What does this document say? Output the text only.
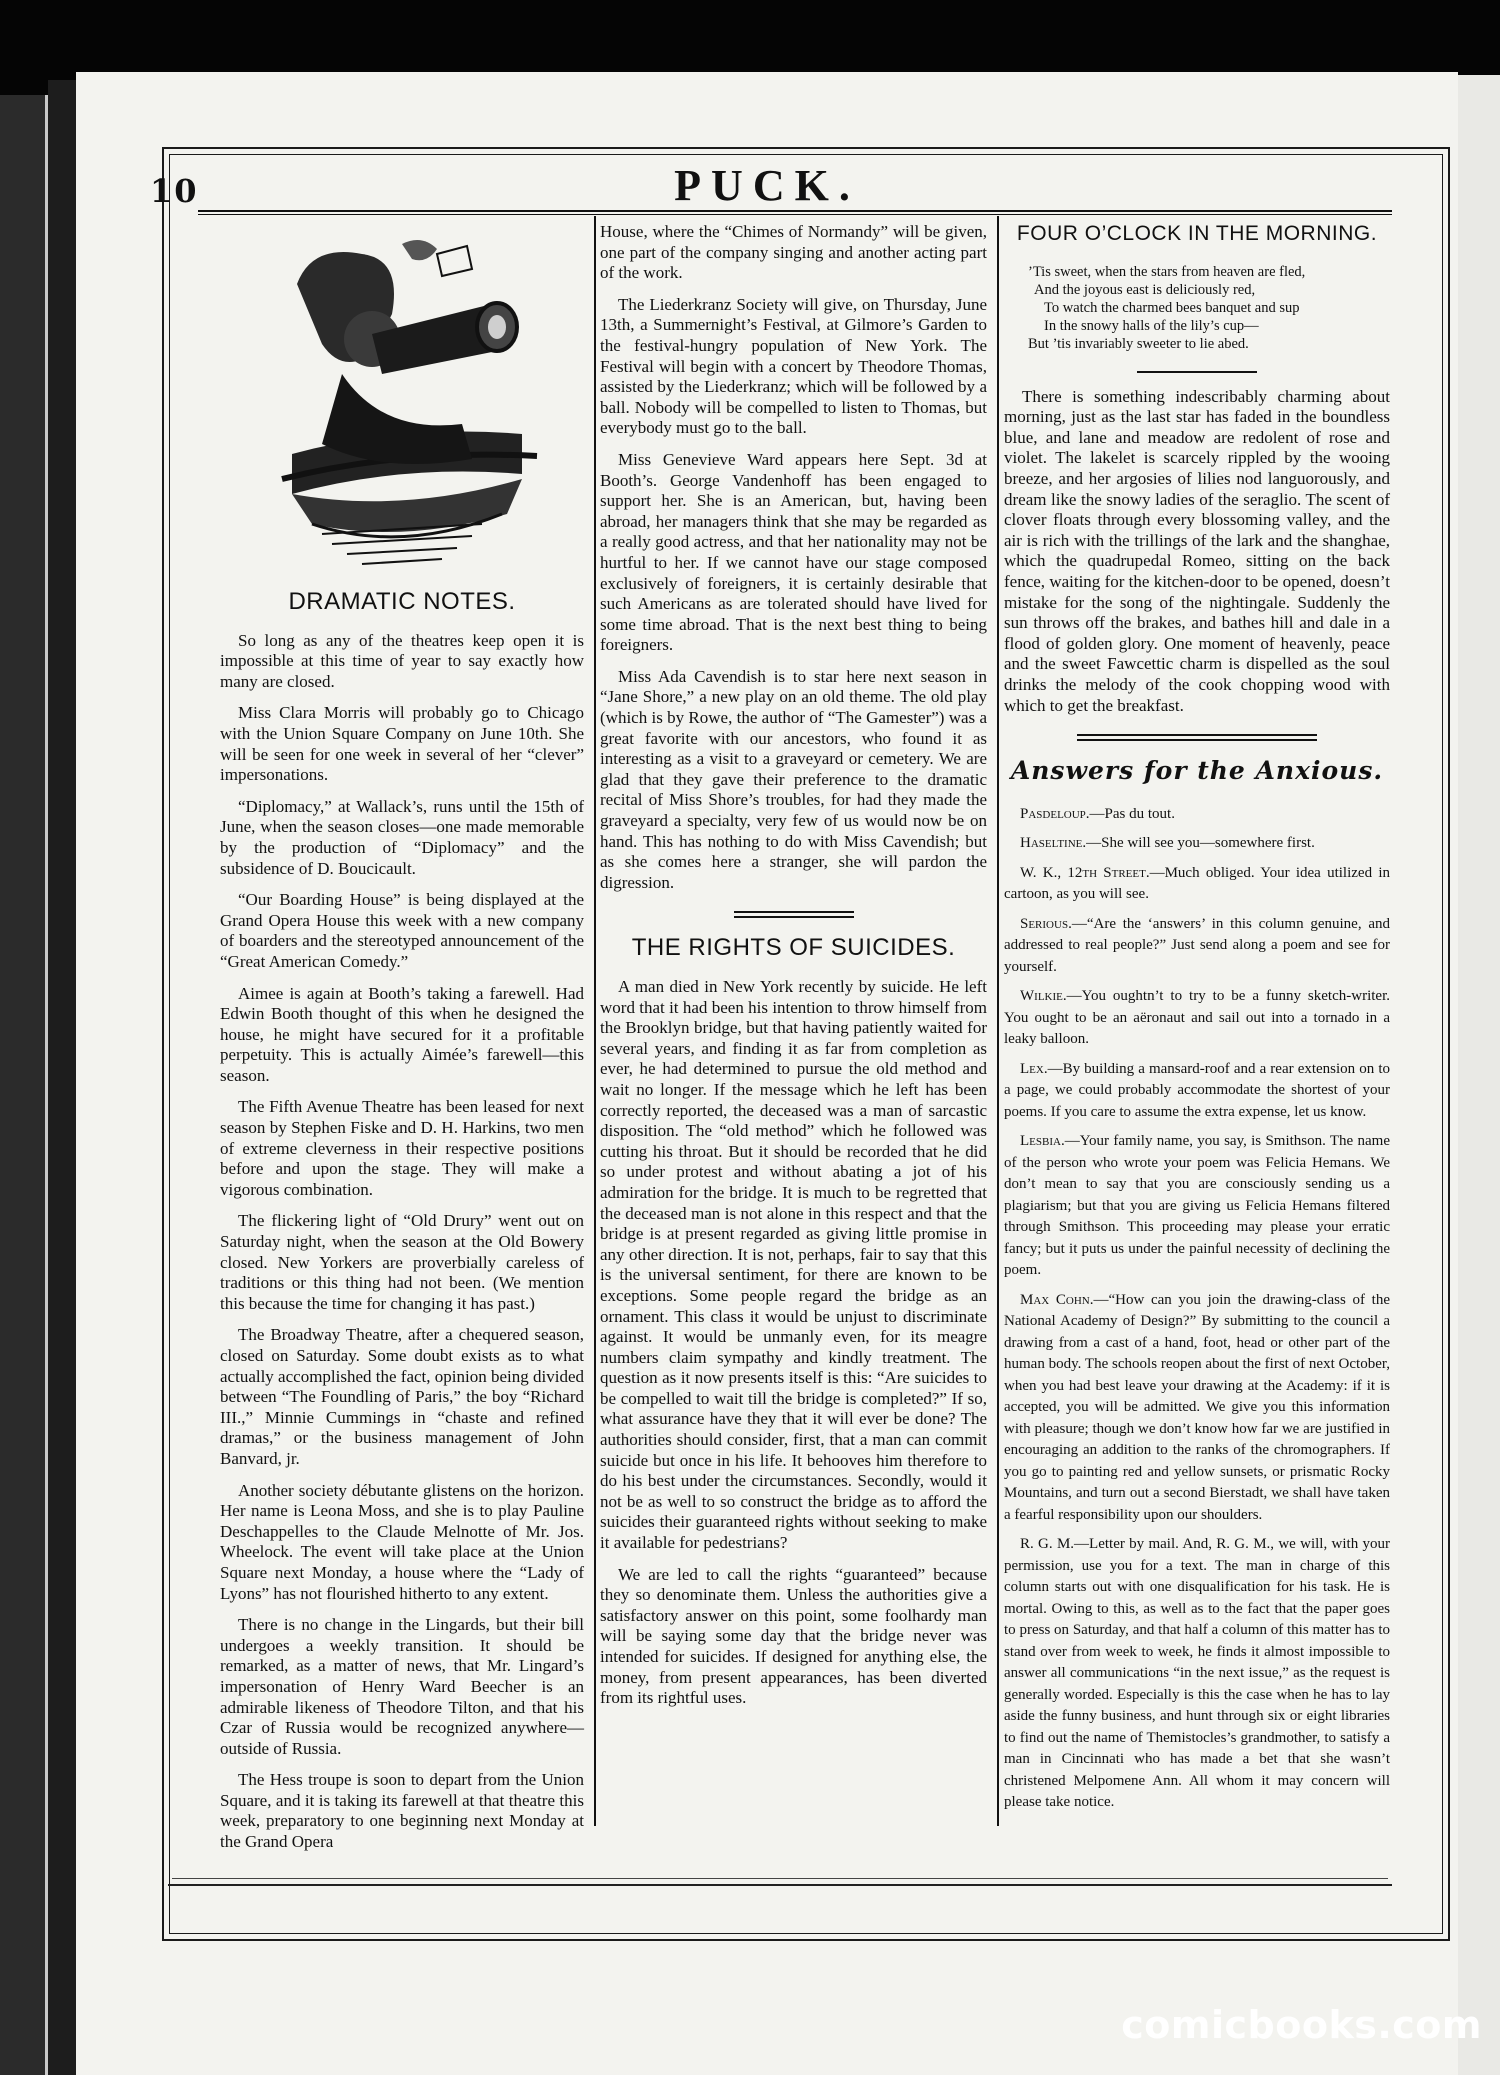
10	PUCK.
DRAMATIC NOTES.

So long as any of the theatres keep open it is impossible at this time of year to say exactly how many are closed.

Miss Clara Morris will probably go to Chicago with the Union Square Company on June 10th. She will be seen for one week in several of her “clever” impersonations.

“Diplomacy,” at Wallack’s, runs until the 15th of June, when the season closes—one made memorable by the production of “Diplomacy” and the subsidence of D. Boucicault.

“Our Boarding House” is being displayed at the Grand Opera House this week with a new company of boarders and the stereotyped announcement of the “Great American Comedy.”

Aimee is again at Booth’s taking a farewell. Had Edwin Booth thought of this when he designed the house, he might have secured for it a profitable perpetuity. This is actually Aimée’s farewell—this season.

The Fifth Avenue Theatre has been leased for next season by Stephen Fiske and D. H. Harkins, two men of extreme cleverness in their respective positions before and upon the stage. They will make a vigorous combination.

The flickering light of “Old Drury” went out on Saturday night, when the season at the Old Bowery closed. New Yorkers are proverbially careless of traditions or this thing had not been. (We mention this because the time for changing it has past.)

The Broadway Theatre, after a chequered season, closed on Saturday. Some doubt exists as to what actually accomplished the fact, opinion being divided between “The Foundling of Paris,” the boy “Richard III.,” Minnie Cummings in “chaste and refined dramas,” or the business management of John Banvard, jr.

Another society débutante glistens on the horizon. Her name is Leona Moss, and she is to play Pauline Deschappelles to the Claude Melnotte of Mr. Jos. Wheelock. The event will take place at the Union Square next Monday, a house where the “Lady of Lyons” has not flourished hitherto to any extent.

There is no change in the Lingards, but their bill undergoes a weekly transition. It should be remarked, as a matter of news, that Mr. Lingard’s impersonation of Henry Ward Beecher is an admirable likeness of Theodore Tilton, and that his Czar of Russia would be recognized anywhere—outside of Russia.

The Hess troupe is soon to depart from the Union Square, and it is taking its farewell at that theatre this week, preparatory to one beginning next Monday at the Grand Opera

House, where the “Chimes of Normandy” will be given, one part of the company singing and another acting part of the work.

The Liederkranz Society will give, on Thursday, June 13th, a Summernight’s Festival, at Gilmore’s Garden to the festival-hungry population of New York. The Festival will begin with a concert by Theodore Thomas, assisted by the Liederkranz; which will be followed by a ball. Nobody will be compelled to listen to Thomas, but everybody must go to the ball.

Miss Genevieve Ward appears here Sept. 3d at Booth’s. George Vandenhoff has been engaged to support her. She is an American, but, having been abroad, her managers think that she may be regarded as a really good actress, and that her nationality may not be hurtful to her. If we cannot have our stage composed exclusively of foreigners, it is certainly desirable that such Americans as are tolerated should have lived for some time abroad. That is the next best thing to being foreigners.

Miss Ada Cavendish is to star here next season in “Jane Shore,” a new play on an old theme. The old play (which is by Rowe, the author of “The Gamester”) was a great favorite with our ancestors, who found it as interesting as a visit to a graveyard or cemetery. We are glad that they gave their preference to the dramatic recital of Miss Shore’s troubles, for had they made the graveyard a specialty, very few of us would now be on hand. This has nothing to do with Miss Cavendish; but as she comes here a stranger, she will pardon the digression.

THE RIGHTS OF SUICIDES.

A man died in New York recently by suicide. He left word that it had been his intention to throw himself from the Brooklyn bridge, but that having patiently waited for several years, and finding it as far from completion as ever, he had determined to pursue the old method and wait no longer. If the message which he left has been correctly reported, the deceased was a man of sarcastic disposition. The “old method” which he followed was cutting his throat. But it should be recorded that he did so under protest and without abating a jot of his admiration for the bridge. It is much to be regretted that the deceased man is not alone in this respect and that the bridge is at present regarded as giving little promise in any other direction. It is not, perhaps, fair to say that this is the universal sentiment, for there are known to be exceptions. Some people regard the bridge as an ornament. This class it would be unjust to discriminate against. It would be unmanly even, for its meagre numbers claim sympathy and kindly treatment. The question as it now presents itself is this: “Are suicides to be compelled to wait till the bridge is completed?” If so, what assurance have they that it will ever be done? The authorities should consider, first, that a man can commit suicide but once in his life. It behooves him therefore to do his best under the circumstances. Secondly, would it not be as well to so construct the bridge as to afford the suicides their guaranteed rights without seeking to make it available for pedestrians?

We are led to call the rights “guaranteed” because they so denominate them. Unless the authorities give a satisfactory answer on this point, some foolhardy man will be saying some day that the bridge never was intended for suicides. If designed for anything else, the money, from present appearances, has been diverted from its rightful uses.

FOUR O’CLOCK IN THE MORNING.
’Tis sweet, when the stars from heaven are fled,
And the joyous east is deliciously red,
To watch the charmed bees banquet and sup
In the snowy halls of the lily’s cup—
But ’tis invariably sweeter to lie abed.

There is something indescribably charming about morning, just as the last star has faded in the boundless blue, and lane and meadow are redolent of rose and violet. The lakelet is scarcely rippled by the wooing breeze, and her argosies of lilies nod languorously, and dream like the snowy ladies of the seraglio. The scent of clover floats through every blossoming valley, and the air is rich with the trillings of the lark and the shanghae, which the quadrupedal Romeo, sitting on the back fence, waiting for the kitchen-door to be opened, doesn’t mistake for the song of the nightingale. Suddenly the sun throws off the brakes, and bathes hill and dale in a flood of golden glory. One moment of heavenly, peace and the sweet Fawcettic charm is dispelled as the soul drinks the melody of the cook chopping wood with which to get the breakfast.

Answers for the Anxious.

Pasdeloup.—Pas du tout.

Haseltine.—She will see you—somewhere first.

W. K., 12th Street.—Much obliged. Your idea utilized in cartoon, as you will see.

Serious.—“Are the ‘answers’ in this column genuine, and addressed to real people?” Just send along a poem and see for yourself.

Wilkie.—You oughtn’t to try to be a funny sketch-writer. You ought to be an aëronaut and sail out into a tornado in a leaky balloon.

Lex.—By building a mansard-roof and a rear extension on to a page, we could probably accommodate the shortest of your poems. If you care to assume the extra expense, let us know.

Lesbia.—Your family name, you say, is Smithson. The name of the person who wrote your poem was Felicia Hemans. We don’t mean to say that you are consciously sending us a plagiarism; but that you are giving us Felicia Hemans filtered through Smithson. This proceeding may please your erratic fancy; but it puts us under the painful necessity of declining the poem.

Max Cohn.—“How can you join the drawing-class of the National Academy of Design?” By submitting to the council a drawing from a cast of a hand, foot, head or other part of the human body. The schools reopen about the first of next October, when you had best leave your drawing at the Academy: if it is accepted, you will be admitted. We give you this information with pleasure; though we don’t know how far we are justified in encouraging an addition to the ranks of the chromographers. If you go to painting red and yellow sunsets, or prismatic Rocky Mountains, and turn out a second Bierstadt, we shall have taken a fearful responsibility upon our shoulders.

R. G. M.—Letter by mail. And, R. G. M., we will, with your permission, use you for a text. The man in charge of this column starts out with one disqualification for his task. He is mortal. Owing to this, as well as to the fact that the paper goes to press on Saturday, and that half a column of this matter has to stand over from week to week, he finds it almost impossible to answer all communications “in the next issue,” as the request is generally worded. Especially is this the case when he has to lay aside the funny business, and hunt through six or eight libraries to find out the name of Themistocles’s grandmother, to satisfy a man in Cincinnati who has made a bet that she wasn’t christened Melpomene Ann. All whom it may concern will please take notice.

comicbooks.com
